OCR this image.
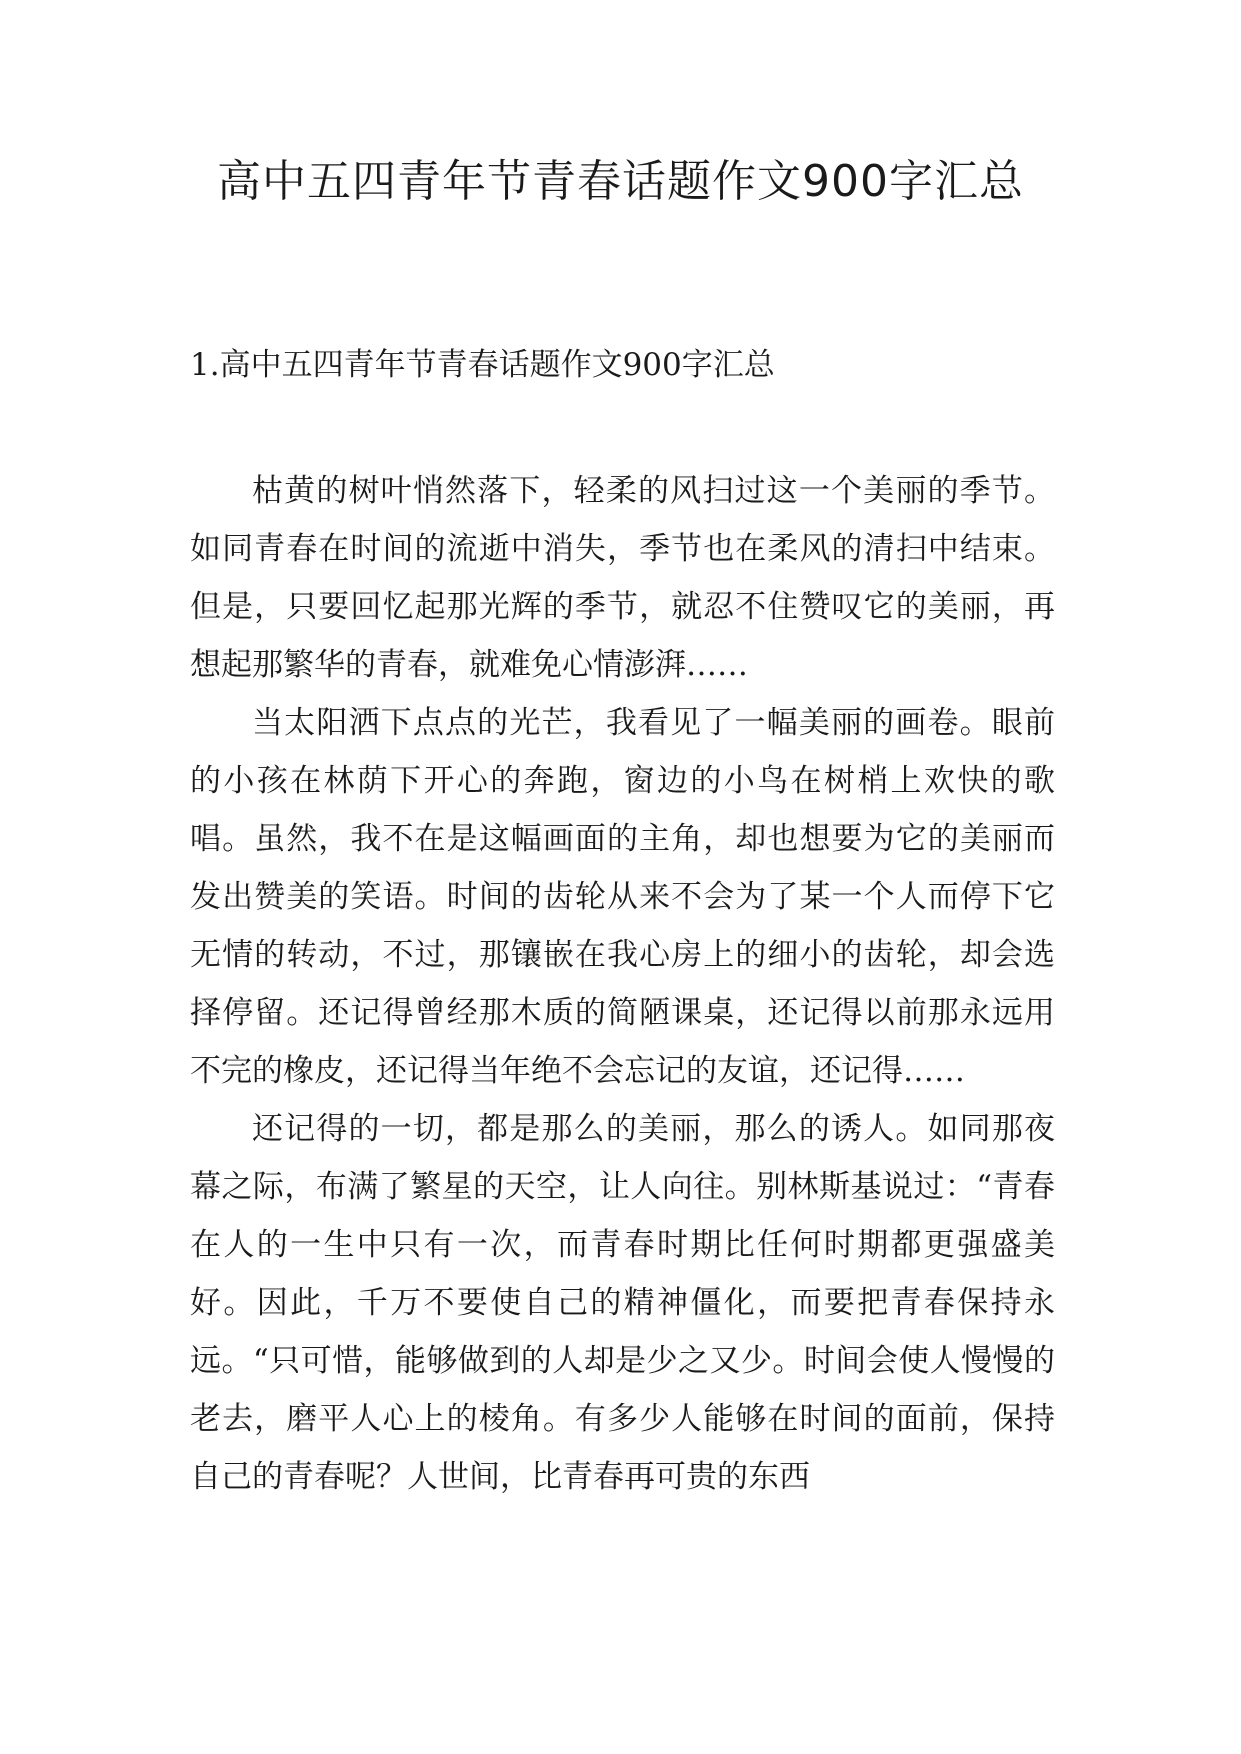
高中五四青年节青春话题作文900字汇总
1.高中五四青年节青春话题作文900字汇总

枯黄的树叶悄然落下，轻柔的风扫过这一个美丽的季节。如同青春在时间的流逝中消失，季节也在柔风的清扫中结束。但是，只要回忆起那光辉的季节，就忍不住赞叹它的美丽，再想起那繁华的青春，就难免心情澎湃……

当太阳洒下点点的光芒，我看见了一幅美丽的画卷。眼前的小孩在林荫下开心的奔跑，窗边的小鸟在树梢上欢快的歌唱。虽然，我不在是这幅画面的主角，却也想要为它的美丽而发出赞美的笑语。时间的齿轮从来不会为了某一个人而停下它无情的转动，不过，那镶嵌在我心房上的细小的齿轮，却会选择停留。还记得曾经那木质的简陋课桌，还记得以前那永远用不完的橡皮，还记得当年绝不会忘记的友谊，还记得……

还记得的一切，都是那么的美丽，那么的诱人。如同那夜幕之际，布满了繁星的天空，让人向往。别林斯基说过：“青春在人的一生中只有一次，而青春时期比任何时期都更强盛美好。因此，千万不要使自己的精神僵化，而要把青春保持永远。“只可惜，能够做到的人却是少之又少。时间会使人慢慢的老去，磨平人心上的棱角。有多少人能够在时间的面前，保持自己的青春呢？人世间，比青春再可贵的东西
